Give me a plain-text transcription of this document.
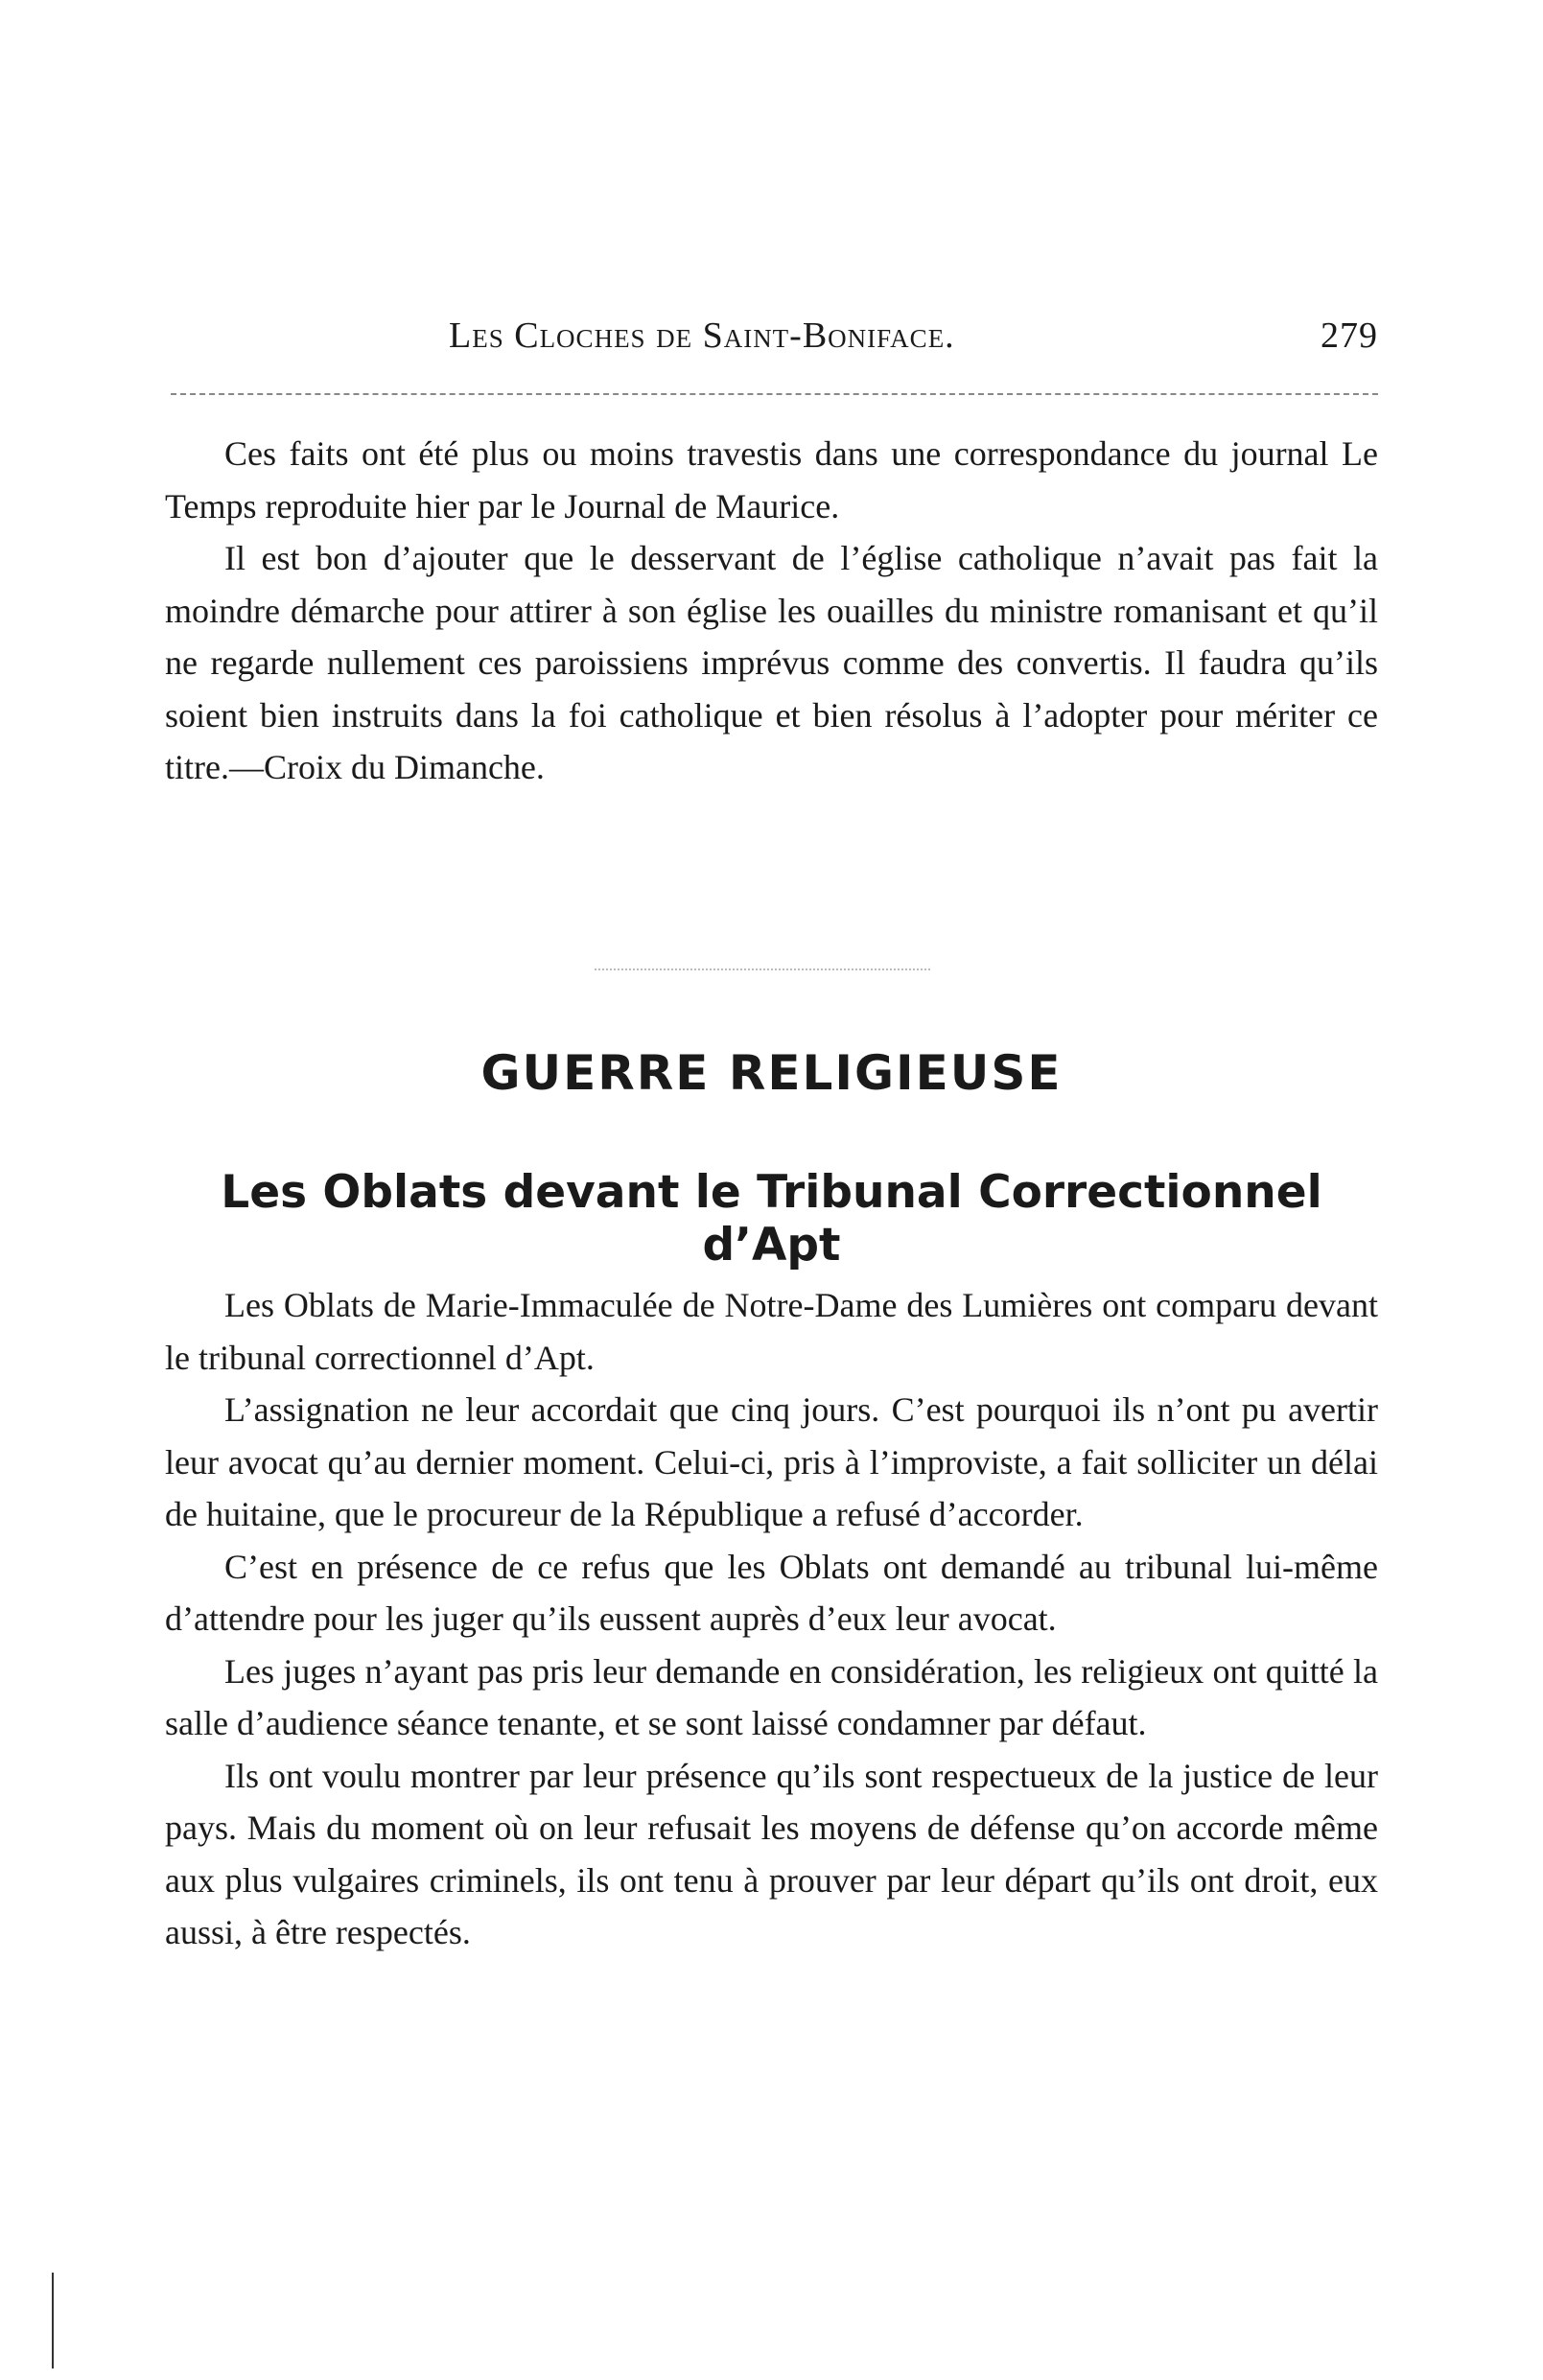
Les Cloches de Saint-Boniface.	279

Ces faits ont été plus ou moins travestis dans une correspondance du journal Le Temps reproduite hier par le Journal de Maurice.

Il est bon d’ajouter que le desservant de l’église catholique n’avait pas fait la moindre démarche pour attirer à son église les ouailles du ministre romanisant et qu’il ne regarde nullement ces paroissiens imprévus comme des convertis. Il faudra qu’ils soient bien instruits dans la foi catholique et bien résolus à l’adopter pour mériter ce titre.—Croix du Dimanche.

GUERRE RELIGIEUSE
Les Oblats devant le Tribunal Correctionnel d’Apt

Les Oblats de Marie-Immaculée de Notre-Dame des Lumières ont comparu devant le tribunal correctionnel d’Apt.

L’assignation ne leur accordait que cinq jours. C’est pourquoi ils n’ont pu avertir leur avocat qu’au dernier moment. Celui-ci, pris à l’improviste, a fait solliciter un délai de huitaine, que le procureur de la République a refusé d’accorder.

C’est en présence de ce refus que les Oblats ont demandé au tribunal lui-même d’attendre pour les juger qu’ils eussent auprès d’eux leur avocat.

Les juges n’ayant pas pris leur demande en considération, les religieux ont quitté la salle d’audience séance tenante, et se sont laissé condamner par défaut.

Ils ont voulu montrer par leur présence qu’ils sont respectueux de la justice de leur pays. Mais du moment où on leur refusait les moyens de défense qu’on accorde même aux plus vulgaires criminels, ils ont tenu à prouver par leur départ qu’ils ont droit, eux aussi, à être respectés.
